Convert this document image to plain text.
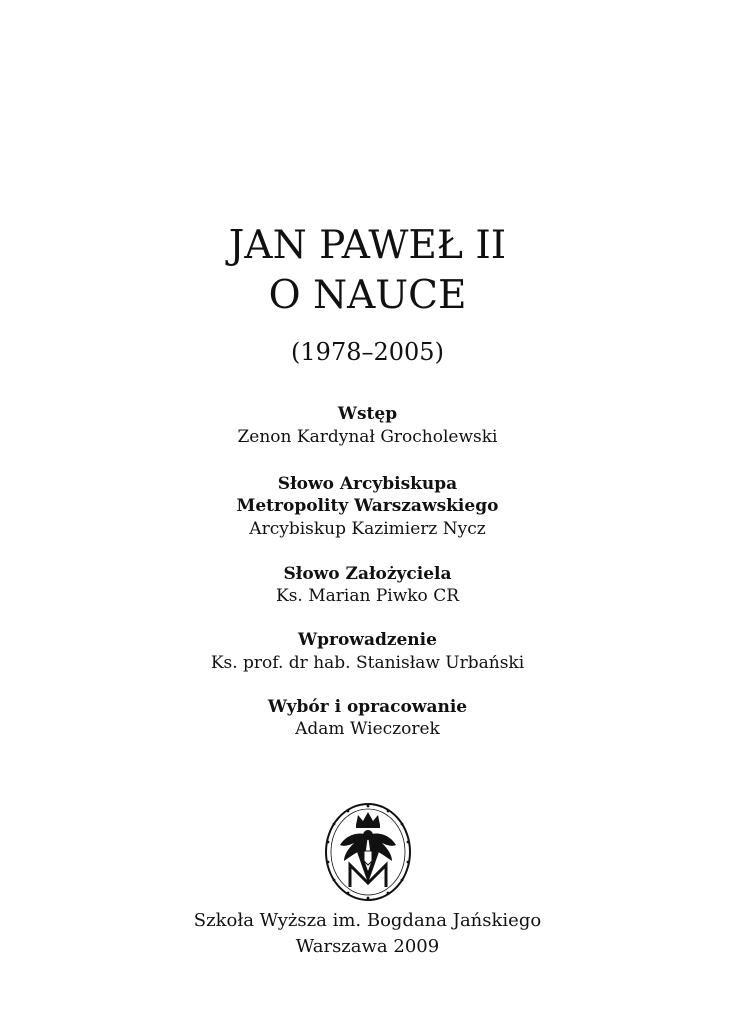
JAN PAWEŁ II
O NAUCE
(1978–2005)
Wstęp
Zenon Kardynał Grocholewski
Słowo Arcybiskupa
Metropolity Warszawskiego
Arcybiskup Kazimierz Nycz
Słowo Założyciela
Ks. Marian Piwko CR
Wprowadzenie
Ks. prof. dr hab. Stanisław Urbański
Wybór i opracowanie
Adam Wieczorek
Szkoła Wyższa im. Bogdana Jańskiego
Warszawa 2009
